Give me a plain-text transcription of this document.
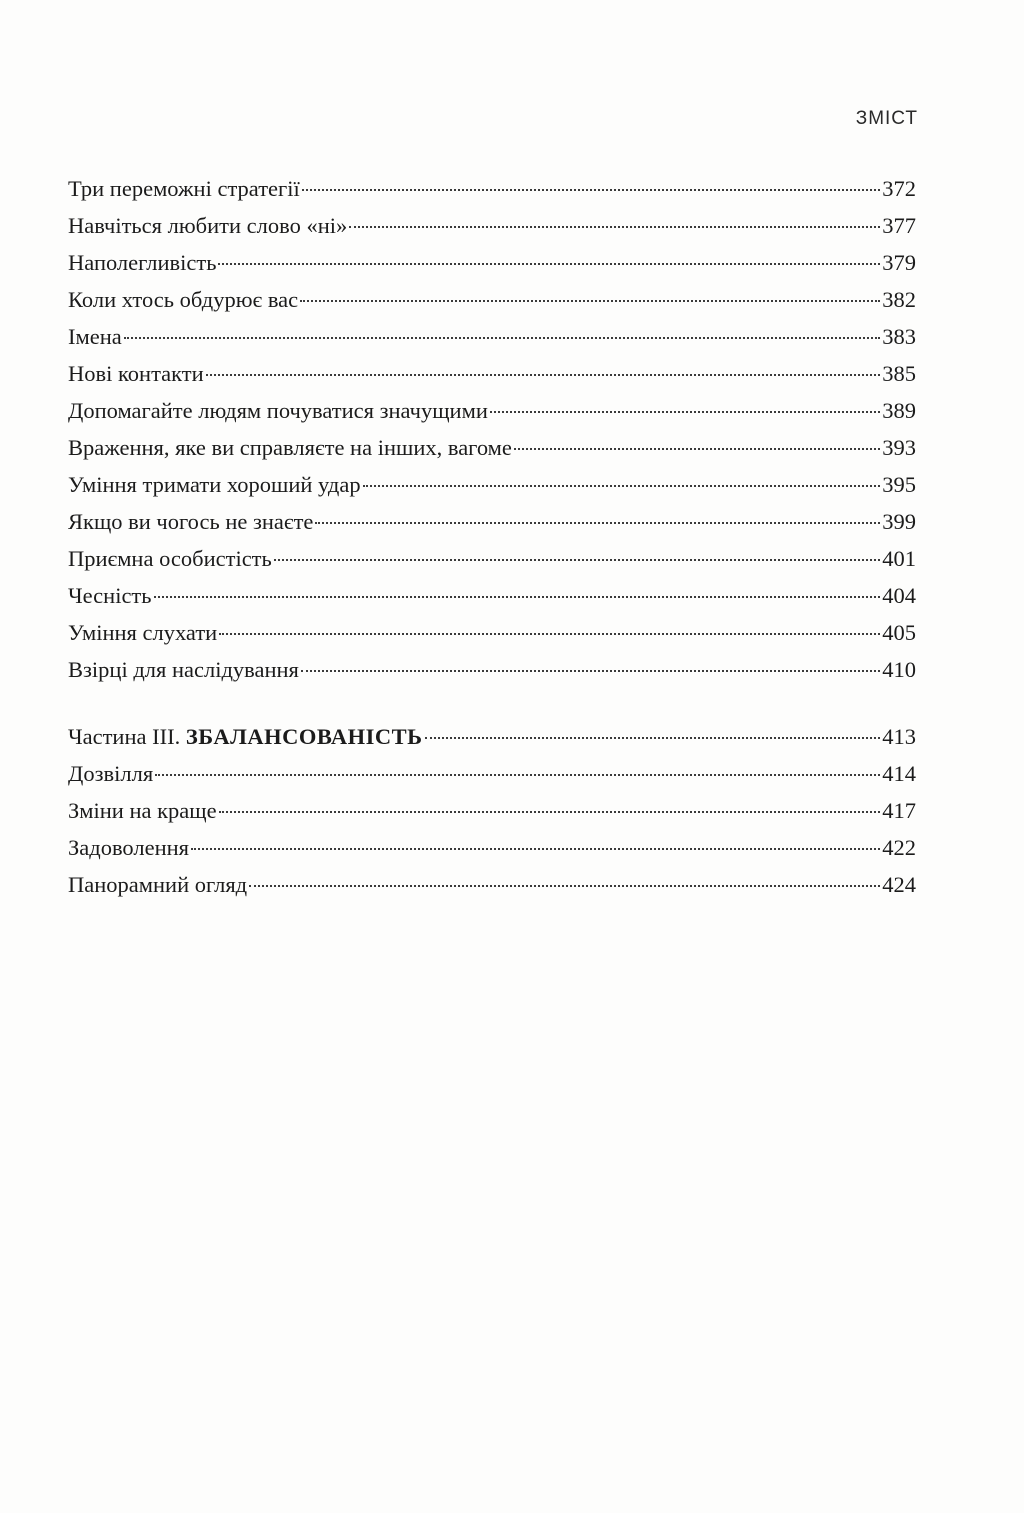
ЗМІСТ
Три переможні стратегії	372
Навчіться любити слово «ні»	377
Наполегливість	379
Коли хтось обдурює вас	382
Імена	383
Нові контакти	385
Допомагайте людям почуватися значущими	389
Враження, яке ви справляєте на інших, вагоме	393
Уміння тримати хороший удар	395
Якщо ви чогось не знаєте	399
Приємна особистість	401
Чесність	404
Уміння слухати	405
Взірці для наслідування	410
Частина III. ЗБАЛАНСОВАНІСТЬ	413
Дозвілля	414
Зміни на краще	417
Задоволення	422
Панорамний огляд	424
